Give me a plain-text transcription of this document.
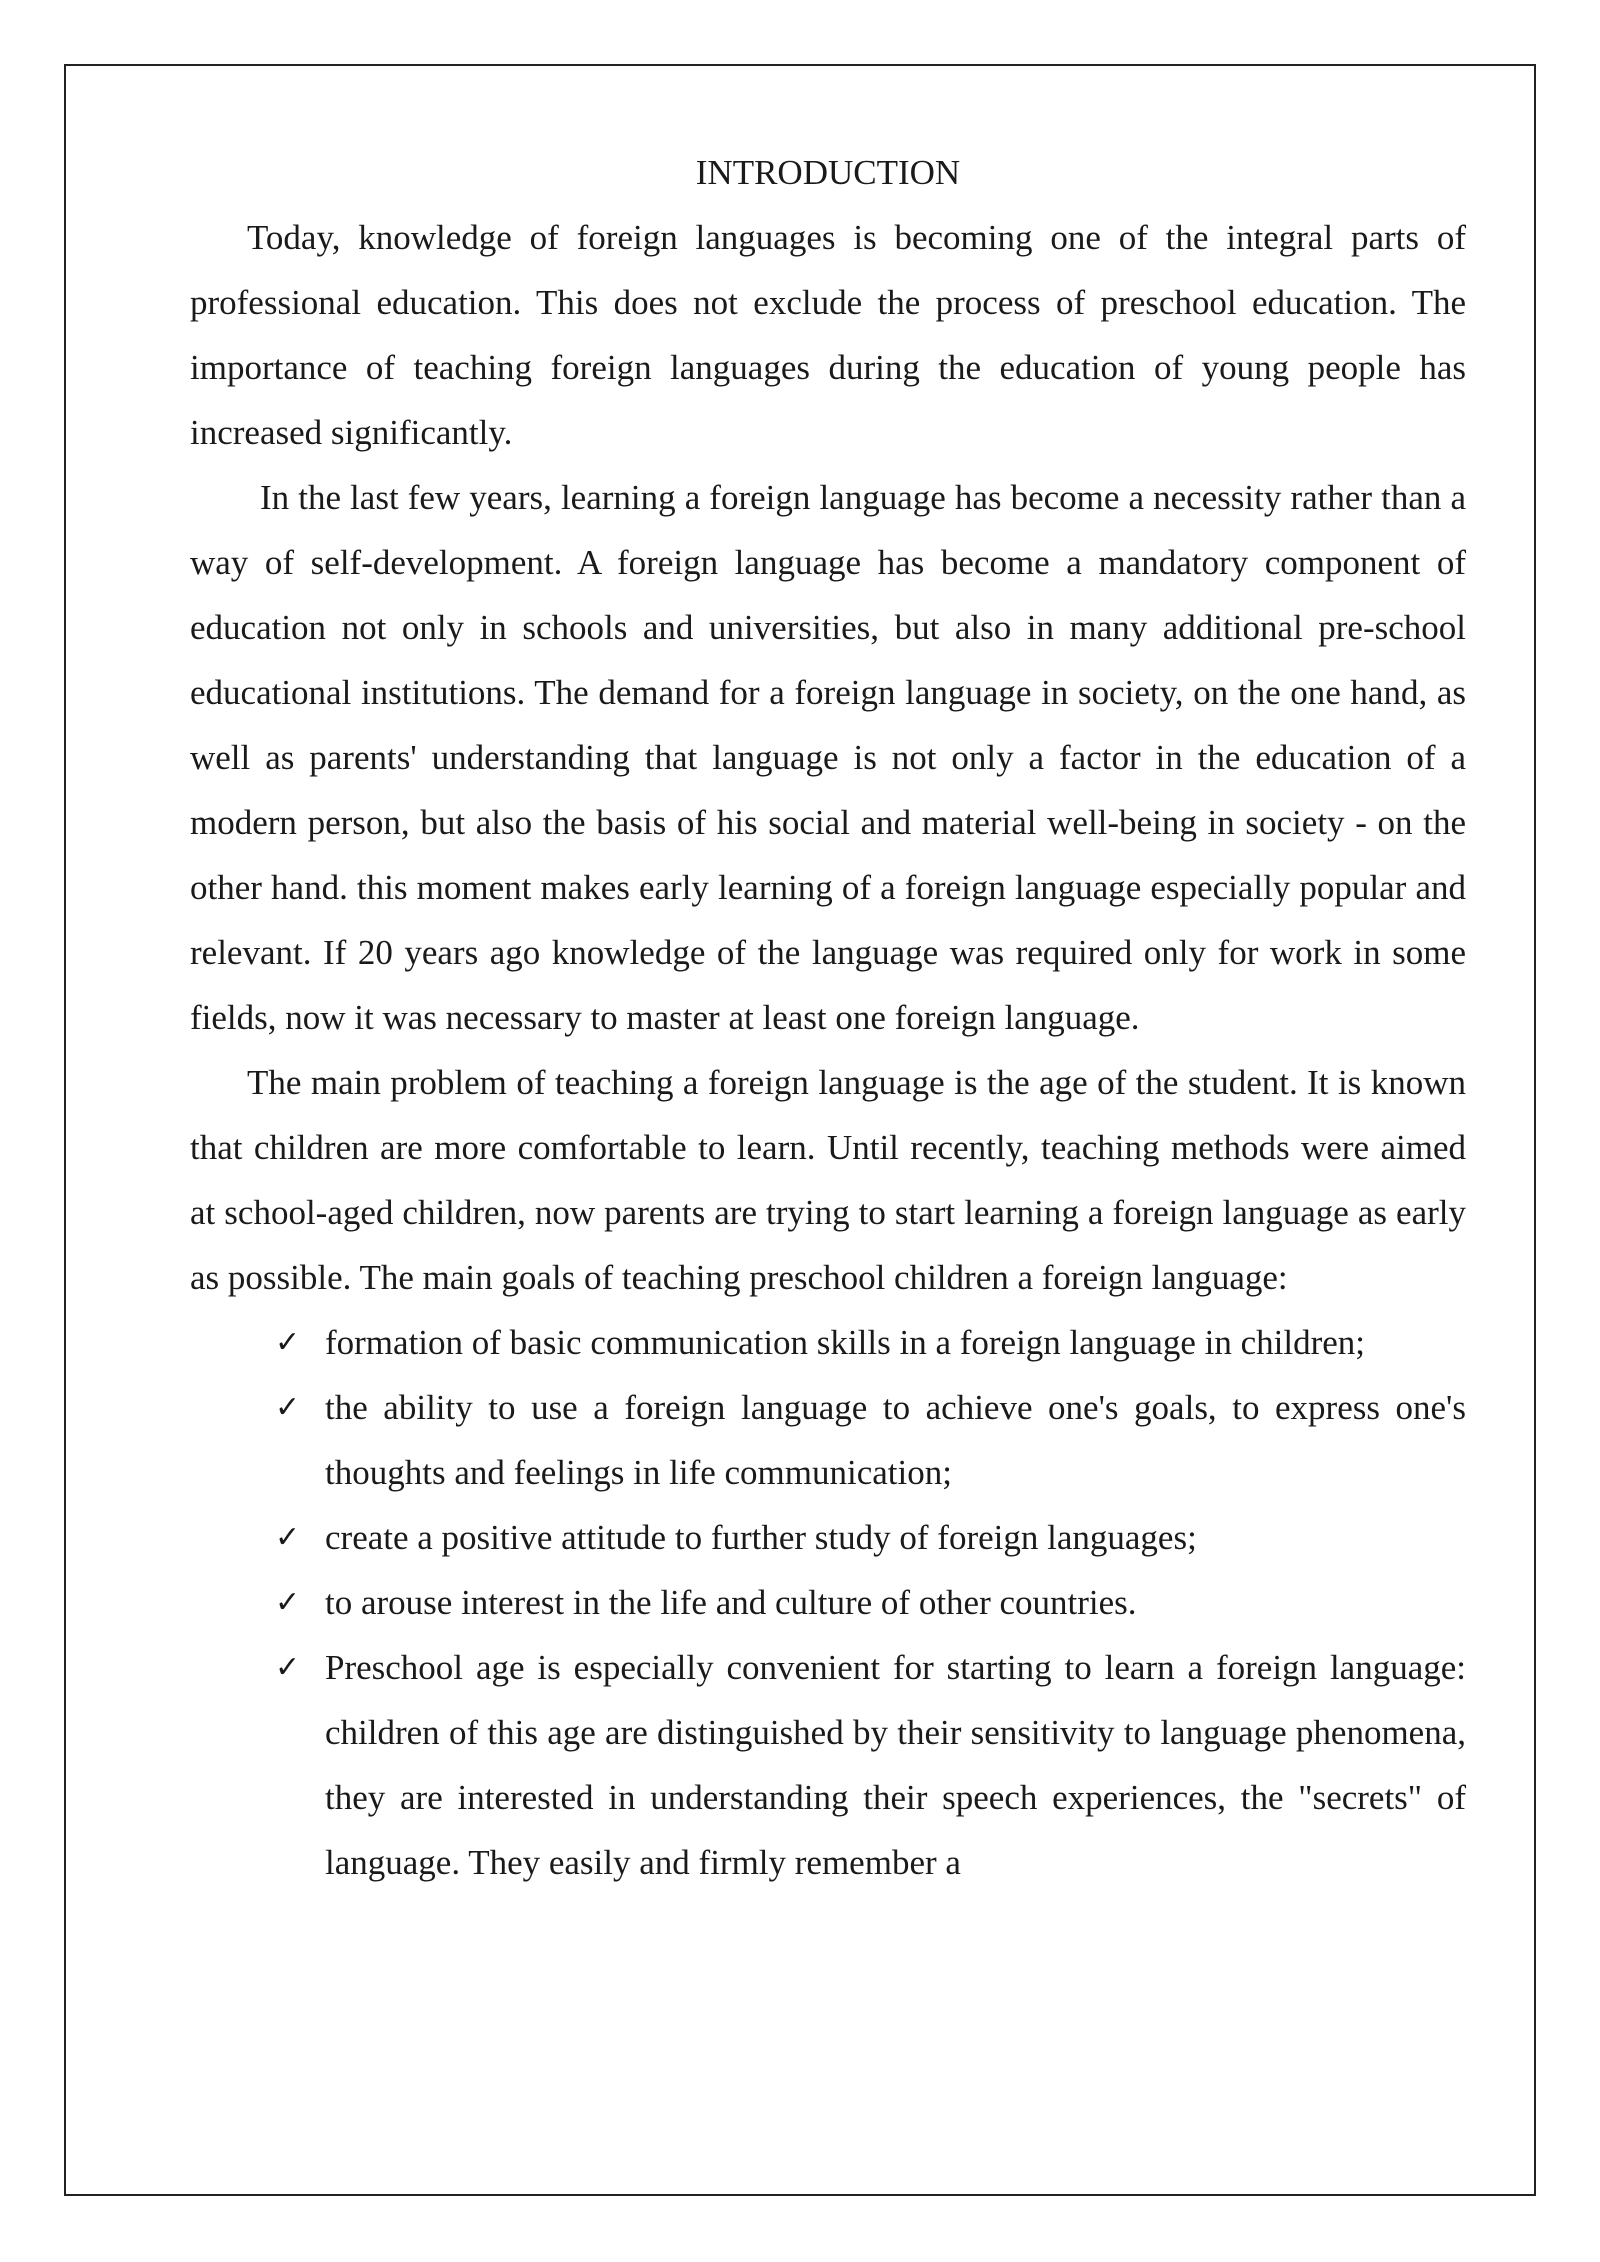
INTRODUCTION

Today, knowledge of foreign languages is becoming one of the integral parts of professional education. This does not exclude the process of preschool education. The importance of teaching foreign languages during the education of young people has increased significantly.

In the last few years, learning a foreign language has become a necessity rather than a way of self-development. A foreign language has become a mandatory component of education not only in schools and universities, but also in many additional pre-school educational institutions. The demand for a foreign language in society, on the one hand, as well as parents' understanding that language is not only a factor in the education of a modern person, but also the basis of his social and material well-being in society - on the other hand. this moment makes early learning of a foreign language especially popular and relevant. If 20 years ago knowledge of the language was required only for work in some fields, now it was necessary to master at least one foreign language.

The main problem of teaching a foreign language is the age of the student. It is known that children are more comfortable to learn. Until recently, teaching methods were aimed at school-aged children, now parents are trying to start learning a foreign language as early as possible. The main goals of teaching preschool children a foreign language:

✓ formation of basic communication skills in a foreign language in children;
✓ the ability to use a foreign language to achieve one's goals, to express one's thoughts and feelings in life communication;
✓ create a positive attitude to further study of foreign languages;
✓ to arouse interest in the life and culture of other countries.
✓ Preschool age is especially convenient for starting to learn a foreign language: children of this age are distinguished by their sensitivity to language phenomena, they are interested in understanding their speech experiences, the "secrets" of language. They easily and firmly remember a
